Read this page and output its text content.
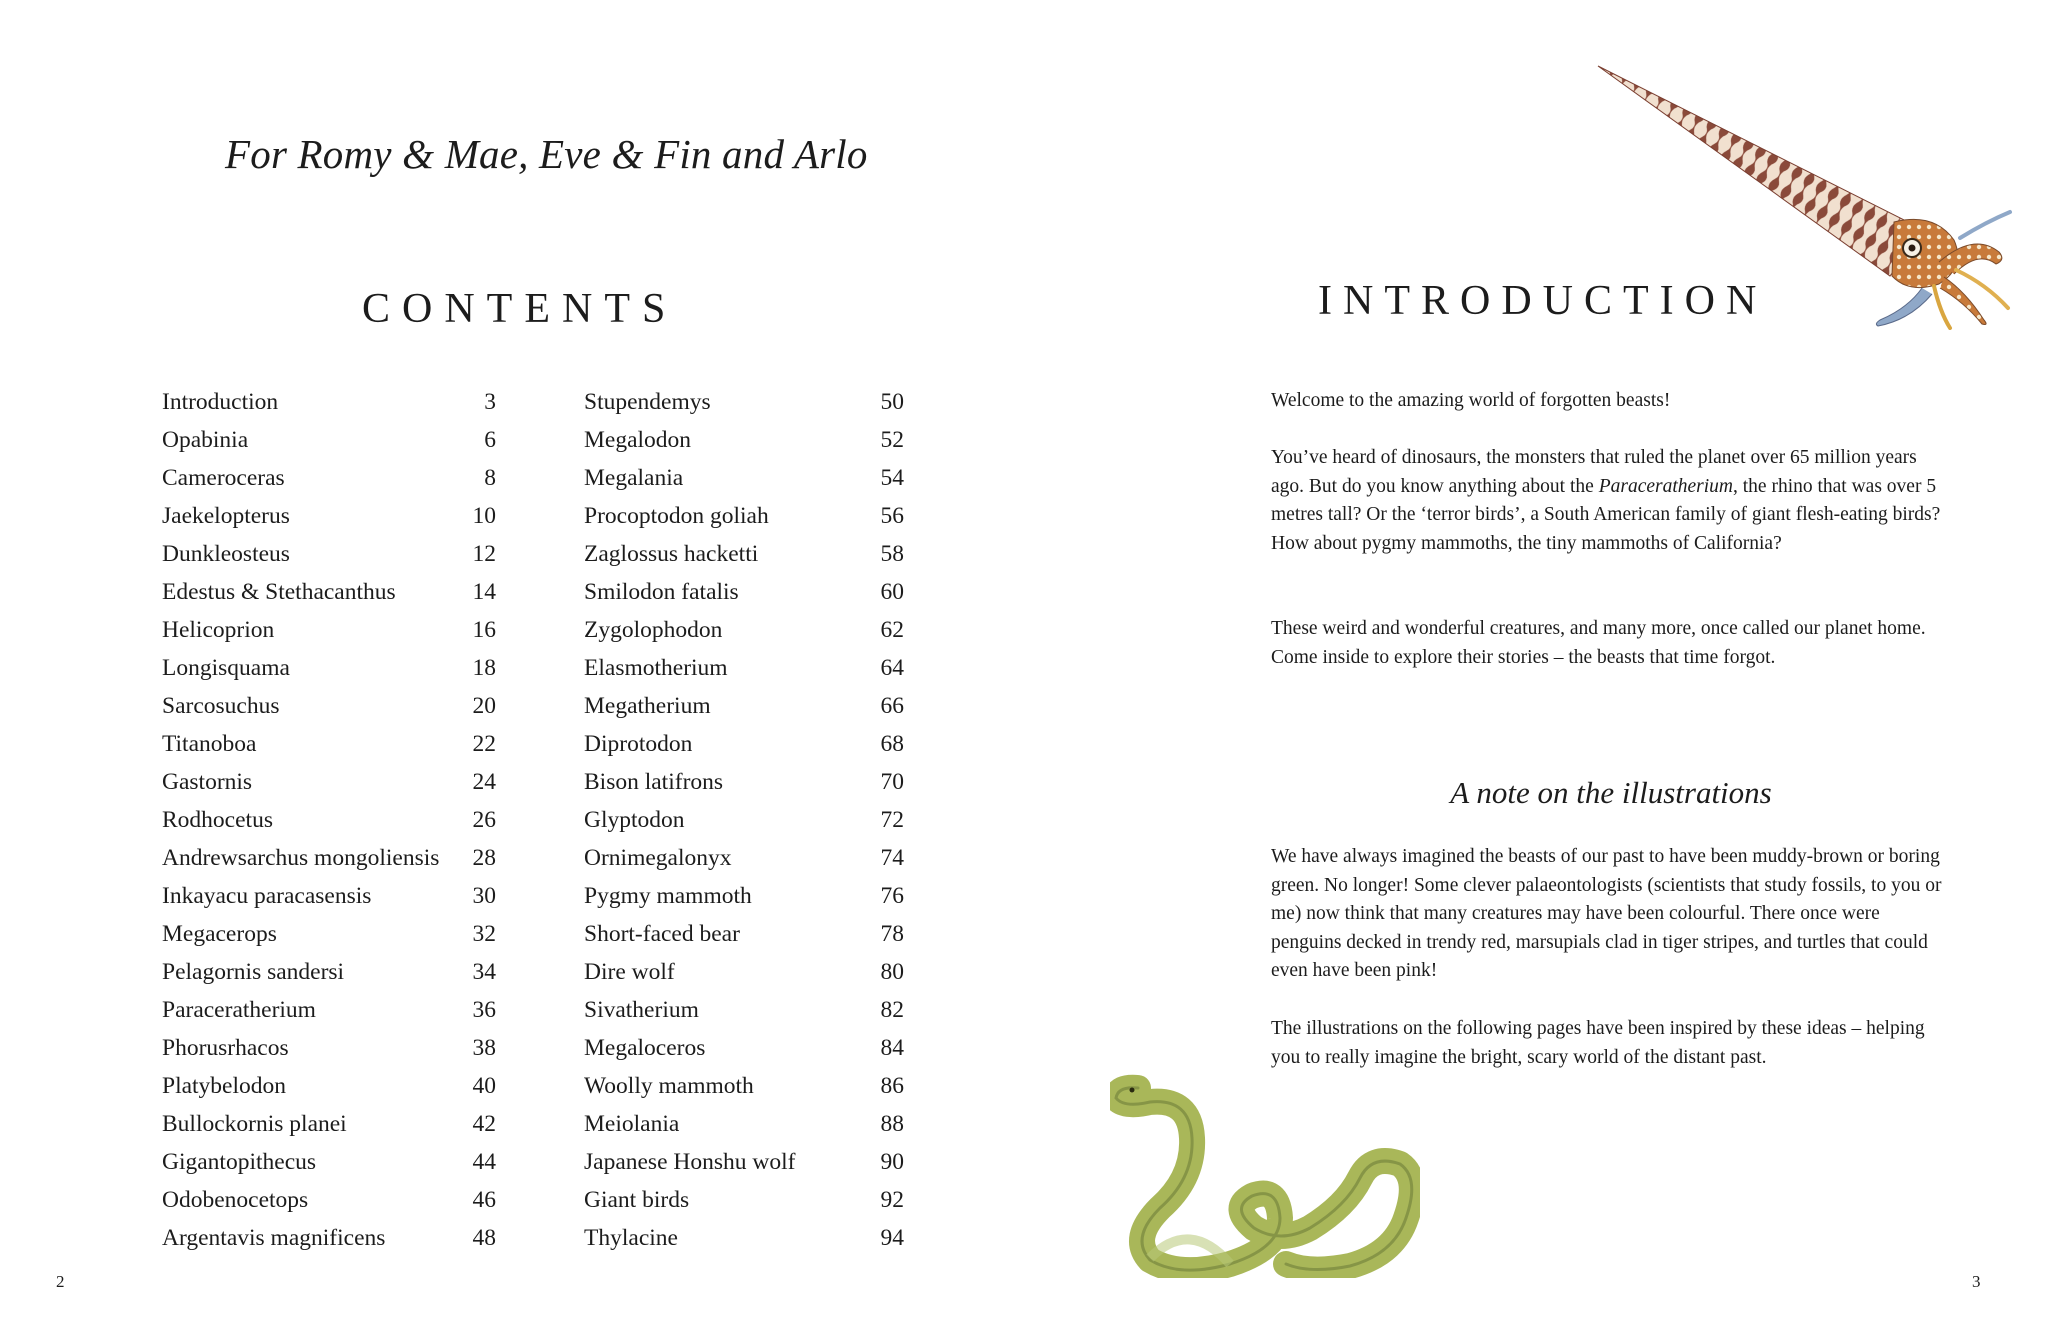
For Romy & Mae, Eve & Fin and Arlo
CONTENTS
Introduction	3
Opabinia	6
Cameroceras	8
Jaekelopterus	10
Dunkleosteus	12
Edestus & Stethacanthus	14
Helicoprion	16
Longisquama	18
Sarcosuchus	20
Titanoboa	22
Gastornis	24
Rodhocetus	26
Andrewsarchus mongoliensis 28
Inkayacu paracasensis	30
Megacerops	32
Pelagornis sandersi	34
Paraceratherium	36
Phorusrhacos	38
Platybelodon	40
Bullockornis planei	42
Gigantopithecus	44
Odobenocetops	46
Argentavis magnificens	48
Stupendemys	50
Megalodon	52
Megalania	54
Procoptodon goliah	56
Zaglossus hacketti	58
Smilodon fatalis	60
Zygolophodon	62
Elasmotherium	64
Megatherium	66
Diprotodon	68
Bison latifrons	70
Glyptodon	72
Ornimegalonyx	74
Pygmy mammoth	76
Short-faced bear	78
Dire wolf	80
Sivatherium	82
Megaloceros	84
Woolly mammoth	86
Meiolania	88
Japanese Honshu wolf	90
Giant birds	92
Thylacine	94
2
INTRODUCTION

Welcome to the amazing world of forgotten beasts!

You’ve heard of dinosaurs, the monsters that ruled the planet over 65 million years ago. But do you know anything about the Paraceratherium, the rhino that was over 5 metres tall? Or the ‘terror birds’, a South American family of giant flesh-eating birds? How about pygmy mammoths, the tiny mammoths of California?

These weird and wonderful creatures, and many more, once called our planet home. Come inside to explore their stories – the beasts that time forgot.

A note on the illustrations

We have always imagined the beasts of our past to have been muddy-brown or boring green. No longer! Some clever palaeontologists (scientists that study fossils, to you or me) now think that many creatures may have been colourful. There once were penguins decked in trendy red, marsupials clad in tiger stripes, and turtles that could even have been pink!

The illustrations on the following pages have been inspired by these ideas – helping you to really imagine the bright, scary world of the distant past.

3
